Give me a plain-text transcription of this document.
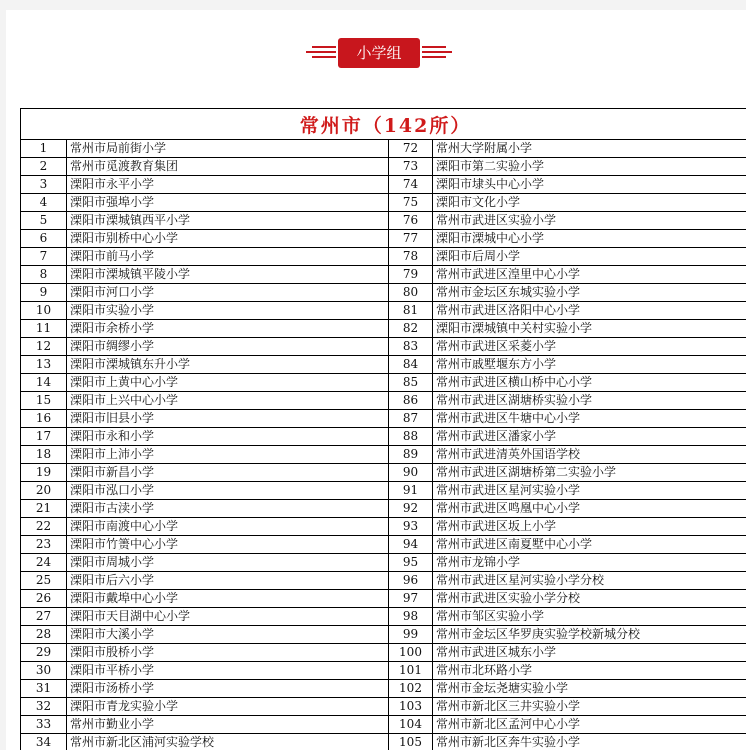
小学组
常州市（142所）			
1	常州市局前街小学	72	常州大学附属小学
2	常州市觅渡教育集团	73	溧阳市第二实验小学
3	溧阳市永平小学	74	溧阳市埭头中心小学
4	溧阳市强埠小学	75	溧阳市文化小学
5	溧阳市溧城镇西平小学	76	常州市武进区实验小学
6	溧阳市别桥中心小学	77	溧阳市溧城中心小学
7	溧阳市前马小学	78	溧阳市后周小学
8	溧阳市溧城镇平陵小学	79	常州市武进区湟里中心小学
9	溧阳市河口小学	80	常州市金坛区东城实验小学
10	溧阳市实验小学	81	常州市武进区洛阳中心小学
11	溧阳市余桥小学	82	溧阳市溧城镇中关村实验小学
12	溧阳市绸缪小学	83	常州市武进区采菱小学
13	溧阳市溧城镇东升小学	84	常州市戚墅堰东方小学
14	溧阳市上黄中心小学	85	常州市武进区横山桥中心小学
15	溧阳市上兴中心小学	86	常州市武进区湖塘桥实验小学
16	溧阳市旧县小学	87	常州市武进区牛塘中心小学
17	溧阳市永和小学	88	常州市武进区潘家小学
18	溧阳市上沛小学	89	常州市武进清英外国语学校
19	溧阳市新昌小学	90	常州市武进区湖塘桥第二实验小学
20	溧阳市泓口小学	91	常州市武进区星河实验小学
21	溧阳市古渎小学	92	常州市武进区鸣凰中心小学
22	溧阳市南渡中心小学	93	常州市武进区坂上小学
23	溧阳市竹箦中心小学	94	常州市武进区南夏墅中心小学
24	溧阳市周城小学	95	常州市龙锦小学
25	溧阳市后六小学	96	常州市武进区星河实验小学分校
26	溧阳市戴埠中心小学	97	常州市武进区实验小学分校
27	溧阳市天目湖中心小学	98	常州市邹区实验小学
28	溧阳市大溪小学	99	常州市金坛区华罗庚实验学校新城分校
29	溧阳市殷桥小学	100	常州市武进区城东小学
30	溧阳市平桥小学	101	常州市北环路小学
31	溧阳市汤桥小学	102	常州市金坛尧塘实验小学
32	溧阳市青龙实验小学	103	常州市新北区三井实验小学
33	常州市勤业小学	104	常州市新北区孟河中心小学
34	常州市新北区浦河实验学校	105	常州市新北区奔牛实验小学
